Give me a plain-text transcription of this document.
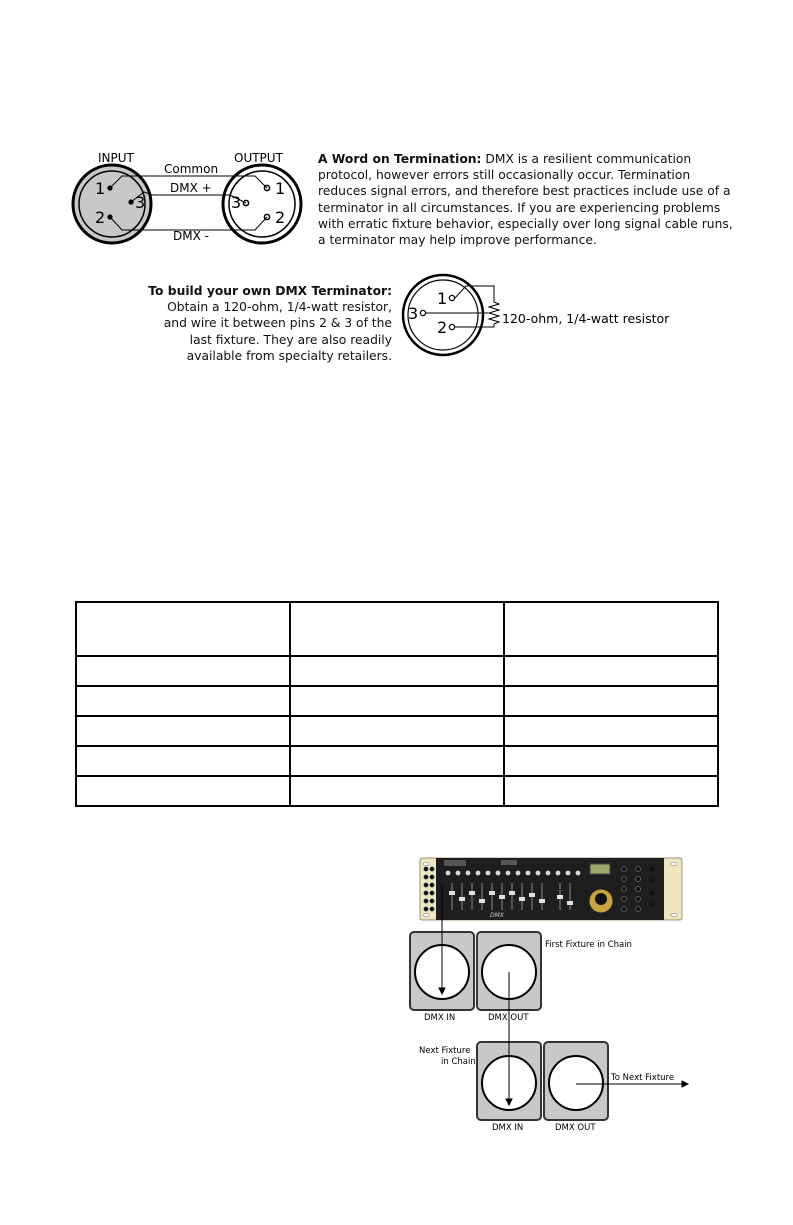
INPUT	OUTPUT
Common
DMX +
DMX -
1
2
3
1
2
3
A Word on Termination: DMX is a resilient communication protocol, however errors still occasionally occur. Termination reduces signal errors, and therefore best practices include use of a terminator in all circumstances. If you are experiencing problems with erratic fixture behavior, especially over long signal cable runs, a terminator may help improve performance.
To build your own DMX Terminator:
Obtain a 120-ohm, 1/4-watt resistor,
and wire it between pins 2 & 3 of the
last fixture. They are also readily
available from specialty retailers.
1
2
3	120-ohm, 1/4-watt resistor

DMX
First Fixture in Chain
DMX IN	DMX OUT
Next Fixture
in Chain
DMX IN	DMX OUT
To Next Fixture
